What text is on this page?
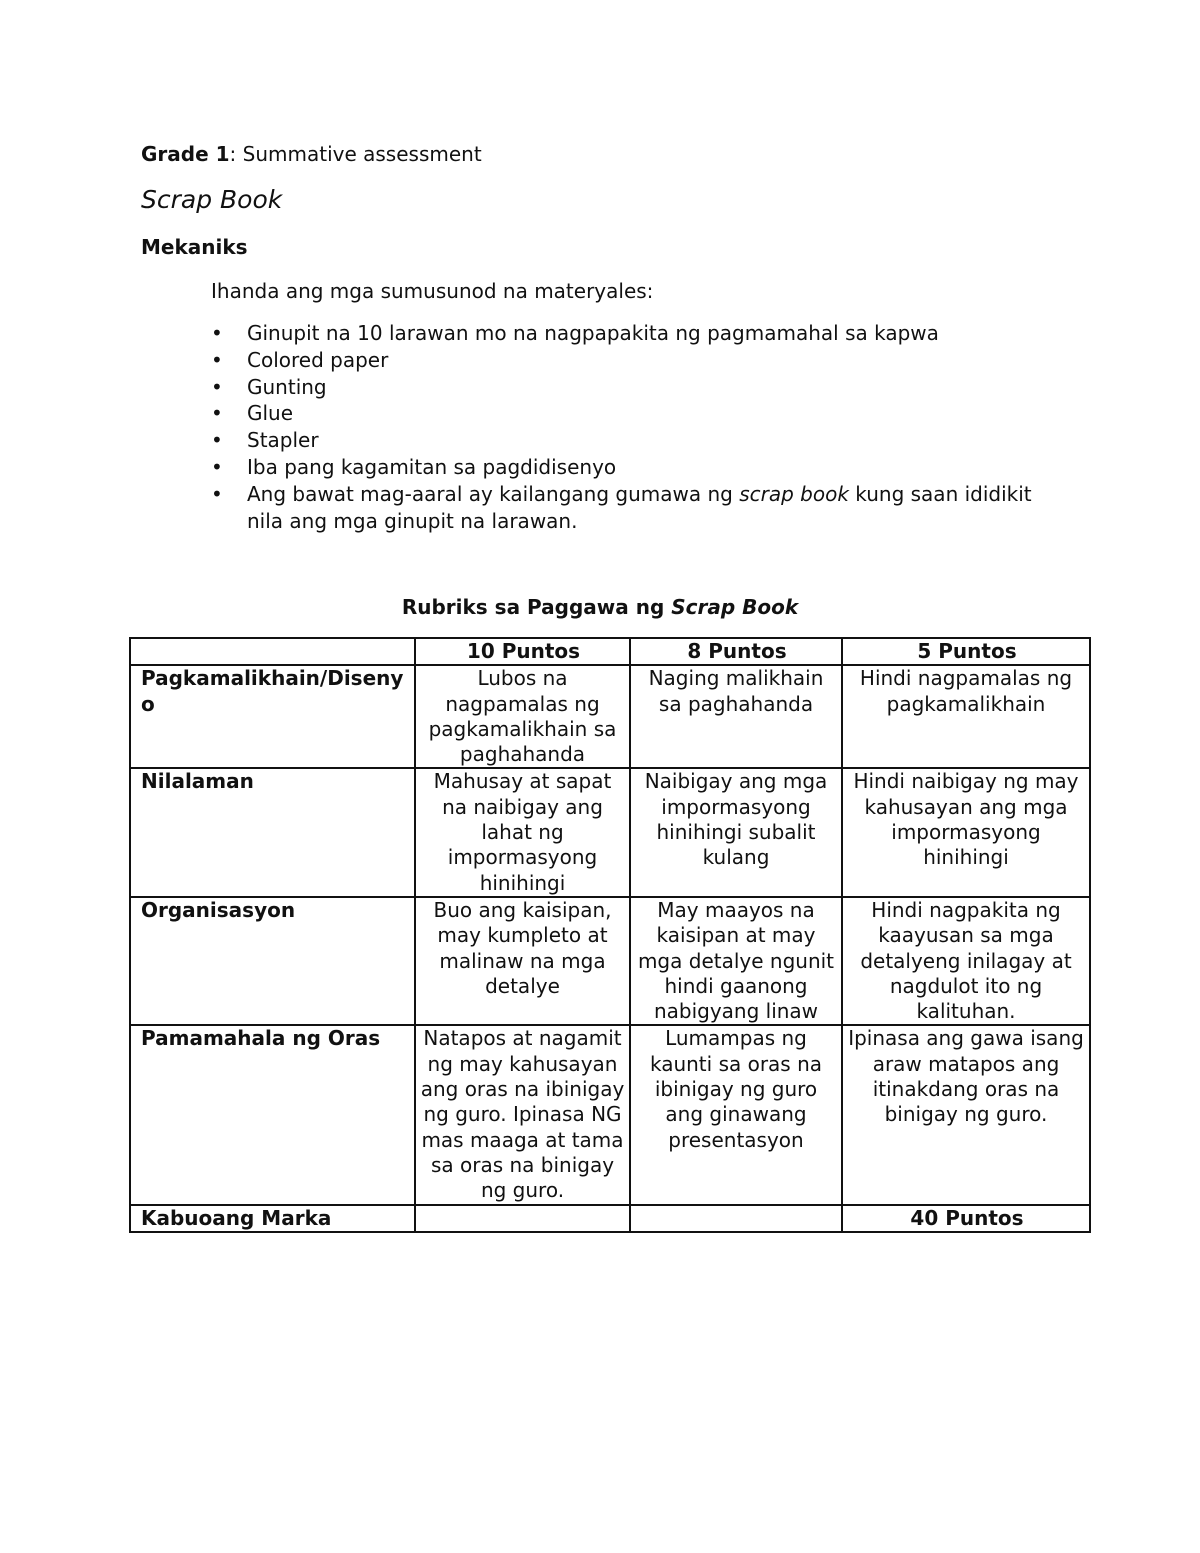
Grade 1: Summative assessment
Scrap Book
Mekaniks
Ihanda ang mga sumusunod na materyales:
• Ginupit na 10 larawan mo na nagpapakita ng pagmamahal sa kapwa
• Colored paper
• Gunting
• Glue
• Stapler
• Iba pang kagamitan sa pagdidisenyo
• Ang bawat mag-aaral ay kailangang gumawa ng scrap book kung saan ididikit nila ang mga ginupit na larawan.
Rubriks sa Paggawa ng Scrap Book
	10 Puntos	8 Puntos	5 Puntos
Pagkamalikhain/Disenyo	Lubos na nagpamalas ng pagkamalikhain sa paghahanda	Naging malikhain sa paghahanda	Hindi nagpamalas ng pagkamalikhain
Nilalaman	Mahusay at sapat na naibigay ang lahat ng impormasyong hinihingi	Naibigay ang mga impormasyong hinihingi subalit kulang	Hindi naibigay ng may kahusayan ang mga impormasyong hinihingi
Organisasyon	Buo ang kaisipan, may kumpleto at malinaw na mga detalye	May maayos na kaisipan at may mga detalye ngunit hindi gaanong nabigyang linaw	Hindi nagpakita ng kaayusan sa mga detalyeng inilagay at nagdulot ito ng kalituhan.
Pamamahala ng Oras	Natapos at nagamit ng may kahusayan ang oras na ibinigay ng guro. Ipinasa NG mas maaga at tama sa oras na binigay ng guro.	Lumampas ng kaunti sa oras na ibinigay ng guro ang ginawang presentasyon	Ipinasa ang gawa isang araw matapos ang itinakdang oras na binigay ng guro.
Kabuoang Marka			40 Puntos
